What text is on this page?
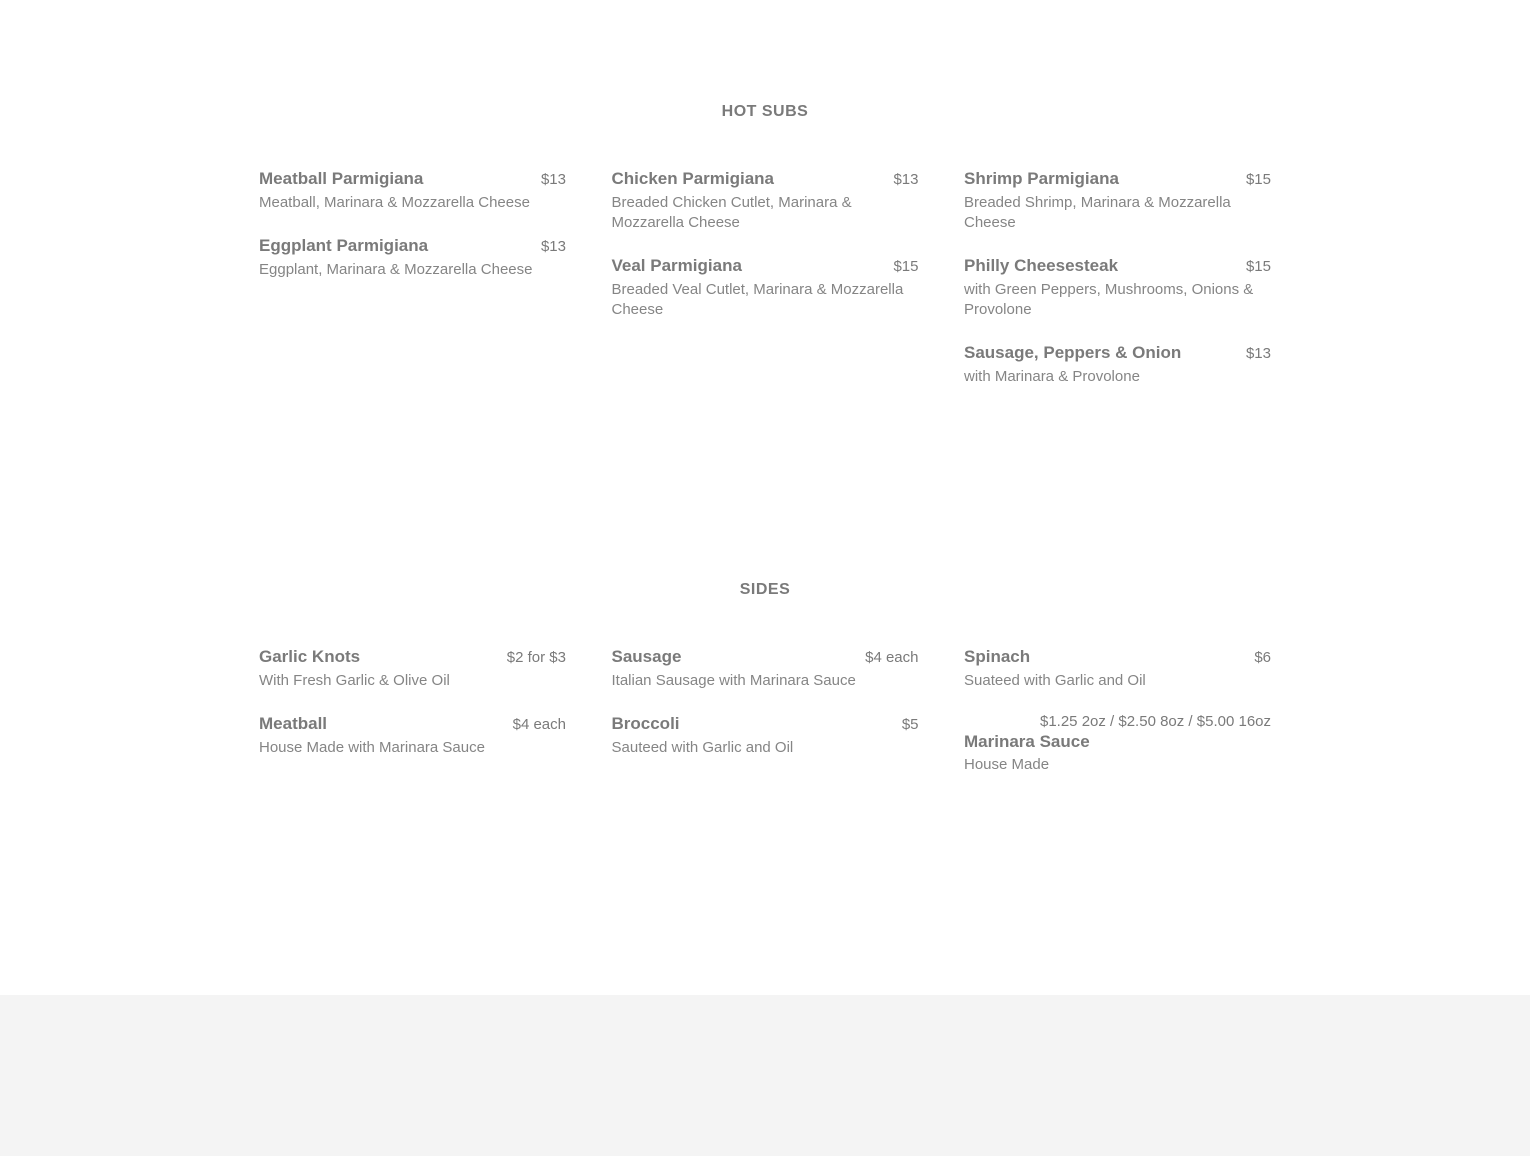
HOT SUBS
Meatball Parmigiana	$13
Meatball, Marinara & Mozzarella Cheese
Eggplant Parmigiana	$13
Eggplant, Marinara & Mozzarella Cheese
Chicken Parmigiana	$13
Breaded Chicken Cutlet, Marinara & Mozzarella Cheese
Veal Parmigiana	$15
Breaded Veal Cutlet, Marinara & Mozzarella Cheese
Shrimp Parmigiana	$15
Breaded Shrimp, Marinara & Mozzarella Cheese
Philly Cheesesteak	$15
with Green Peppers, Mushrooms, Onions & Provolone
Sausage, Peppers & Onion	$13
with Marinara & Provolone
SIDES
Garlic Knots	$2 for $3
With Fresh Garlic & Olive Oil
Meatball	$4 each
House Made with Marinara Sauce
Sausage	$4 each
Italian Sausage with Marinara Sauce
Broccoli	$5
Sauteed with Garlic and Oil
Spinach	$6
Suateed with Garlic and Oil
$1.25 2oz / $2.50 8oz / $5.00 16oz
Marinara Sauce
House Made
